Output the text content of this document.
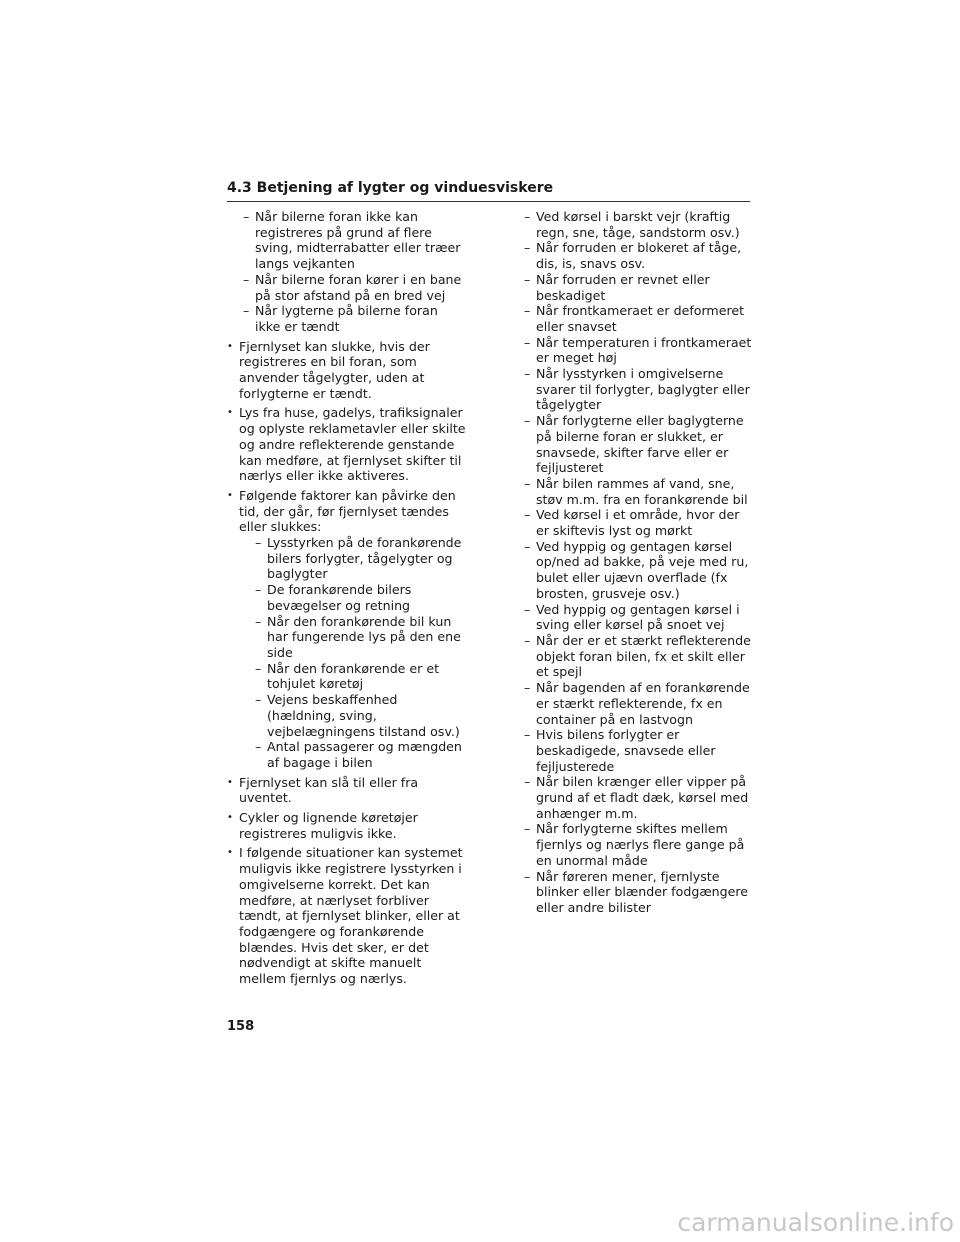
4.3 Betjening af lygter og vinduesviskere
– Når bilerne foran ikke kan registreres på grund af flere sving, midterrabatter eller træer langs vejkanten
– Når bilerne foran kører i en bane på stor afstand på en bred vej
– Når lygterne på bilerne foran ikke er tændt
• Fjernlyset kan slukke, hvis der registreres en bil foran, som anvender tågelygter, uden at forlygterne er tændt.
• Lys fra huse, gadelys, trafiksignaler og oplyste reklametavler eller skilte og andre reflekterende genstande kan medføre, at fjernlyset skifter til nærlys eller ikke aktiveres.
• Følgende faktorer kan påvirke den tid, der går, før fjernlyset tændes eller slukkes:
– Lysstyrken på de forankørende bilers forlygter, tågelygter og baglygter
– De forankørende bilers bevægelser og retning
– Når den forankørende bil kun har fungerende lys på den ene side
– Når den forankørende er et tohjulet køretøj
– Vejens beskaffenhed (hældning, sving, vejbelægningens tilstand osv.)
– Antal passagerer og mængden af bagage i bilen
• Fjernlyset kan slå til eller fra uventet.
• Cykler og lignende køretøjer registreres muligvis ikke.
• I følgende situationer kan systemet muligvis ikke registrere lysstyrken i omgivelserne korrekt. Det kan medføre, at nærlyset forbliver tændt, at fjernlyset blinker, eller at fodgængere og forankørende blændes. Hvis det sker, er det nødvendigt at skifte manuelt mellem fjernlys og nærlys.
– Ved kørsel i barskt vejr (kraftig regn, sne, tåge, sandstorm osv.)
– Når forruden er blokeret af tåge, dis, is, snavs osv.
– Når forruden er revnet eller beskadiget
– Når frontkameraet er deformeret eller snavset
– Når temperaturen i frontkameraet er meget høj
– Når lysstyrken i omgivelserne svarer til forlygter, baglygter eller tågelygter
– Når forlygterne eller baglygterne på bilerne foran er slukket, er snavsede, skifter farve eller er fejljusteret
– Når bilen rammes af vand, sne, støv m.m. fra en forankørende bil
– Ved kørsel i et område, hvor der er skiftevis lyst og mørkt
– Ved hyppig og gentagen kørsel op/ned ad bakke, på veje med ru, bulet eller ujævn overflade (fx brosten, grusveje osv.)
– Ved hyppig og gentagen kørsel i sving eller kørsel på snoet vej
– Når der er et stærkt reflekterende objekt foran bilen, fx et skilt eller et spejl
– Når bagenden af en forankørende er stærkt reflekterende, fx en container på en lastvogn
– Hvis bilens forlygter er beskadigede, snavsede eller fejljusterede
– Når bilen krænger eller vipper på grund af et fladt dæk, kørsel med anhænger m.m.
– Når forlygterne skiftes mellem fjernlys og nærlys flere gange på en unormal måde
– Når føreren mener, fjernlyste blinker eller blænder fodgængere eller andre bilister
158
carmanualsonline.info
